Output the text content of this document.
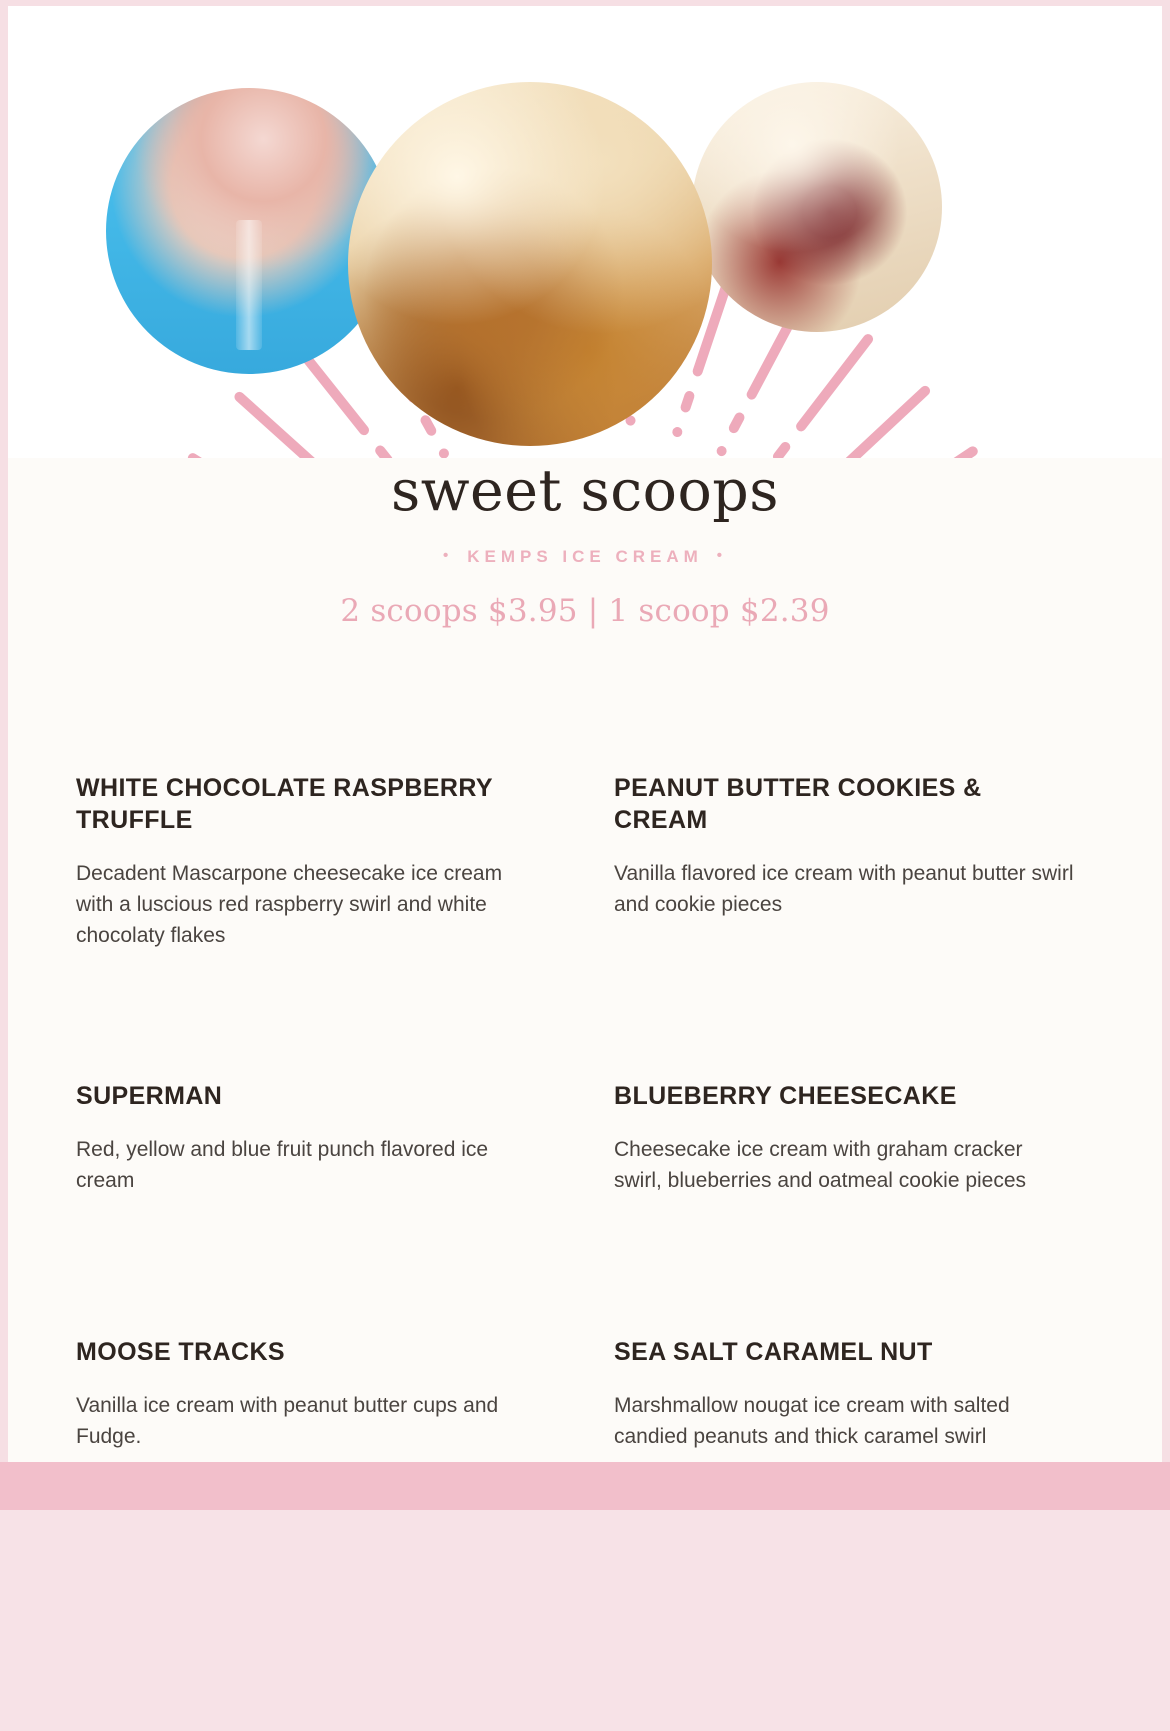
sweet scoops
• KEMPS ICE CREAM •
2 scoops $3.95 | 1 scoop $2.39
WHITE CHOCOLATE RASPBERRY TRUFFLE

Decadent Mascarpone cheesecake ice cream with a luscious red raspberry swirl and white chocolaty flakes

PEANUT BUTTER COOKIES & CREAM

Vanilla flavored ice cream with peanut butter swirl and cookie pieces

SUPERMAN

Red, yellow and blue fruit punch flavored ice cream

BLUEBERRY CHEESECAKE

Cheesecake ice cream with graham cracker swirl, blueberries and oatmeal cookie pieces

MOOSE TRACKS

Vanilla ice cream with peanut butter cups and Fudge.

SEA SALT CARAMEL NUT

Marshmallow nougat ice cream with salted candied peanuts and thick caramel swirl
